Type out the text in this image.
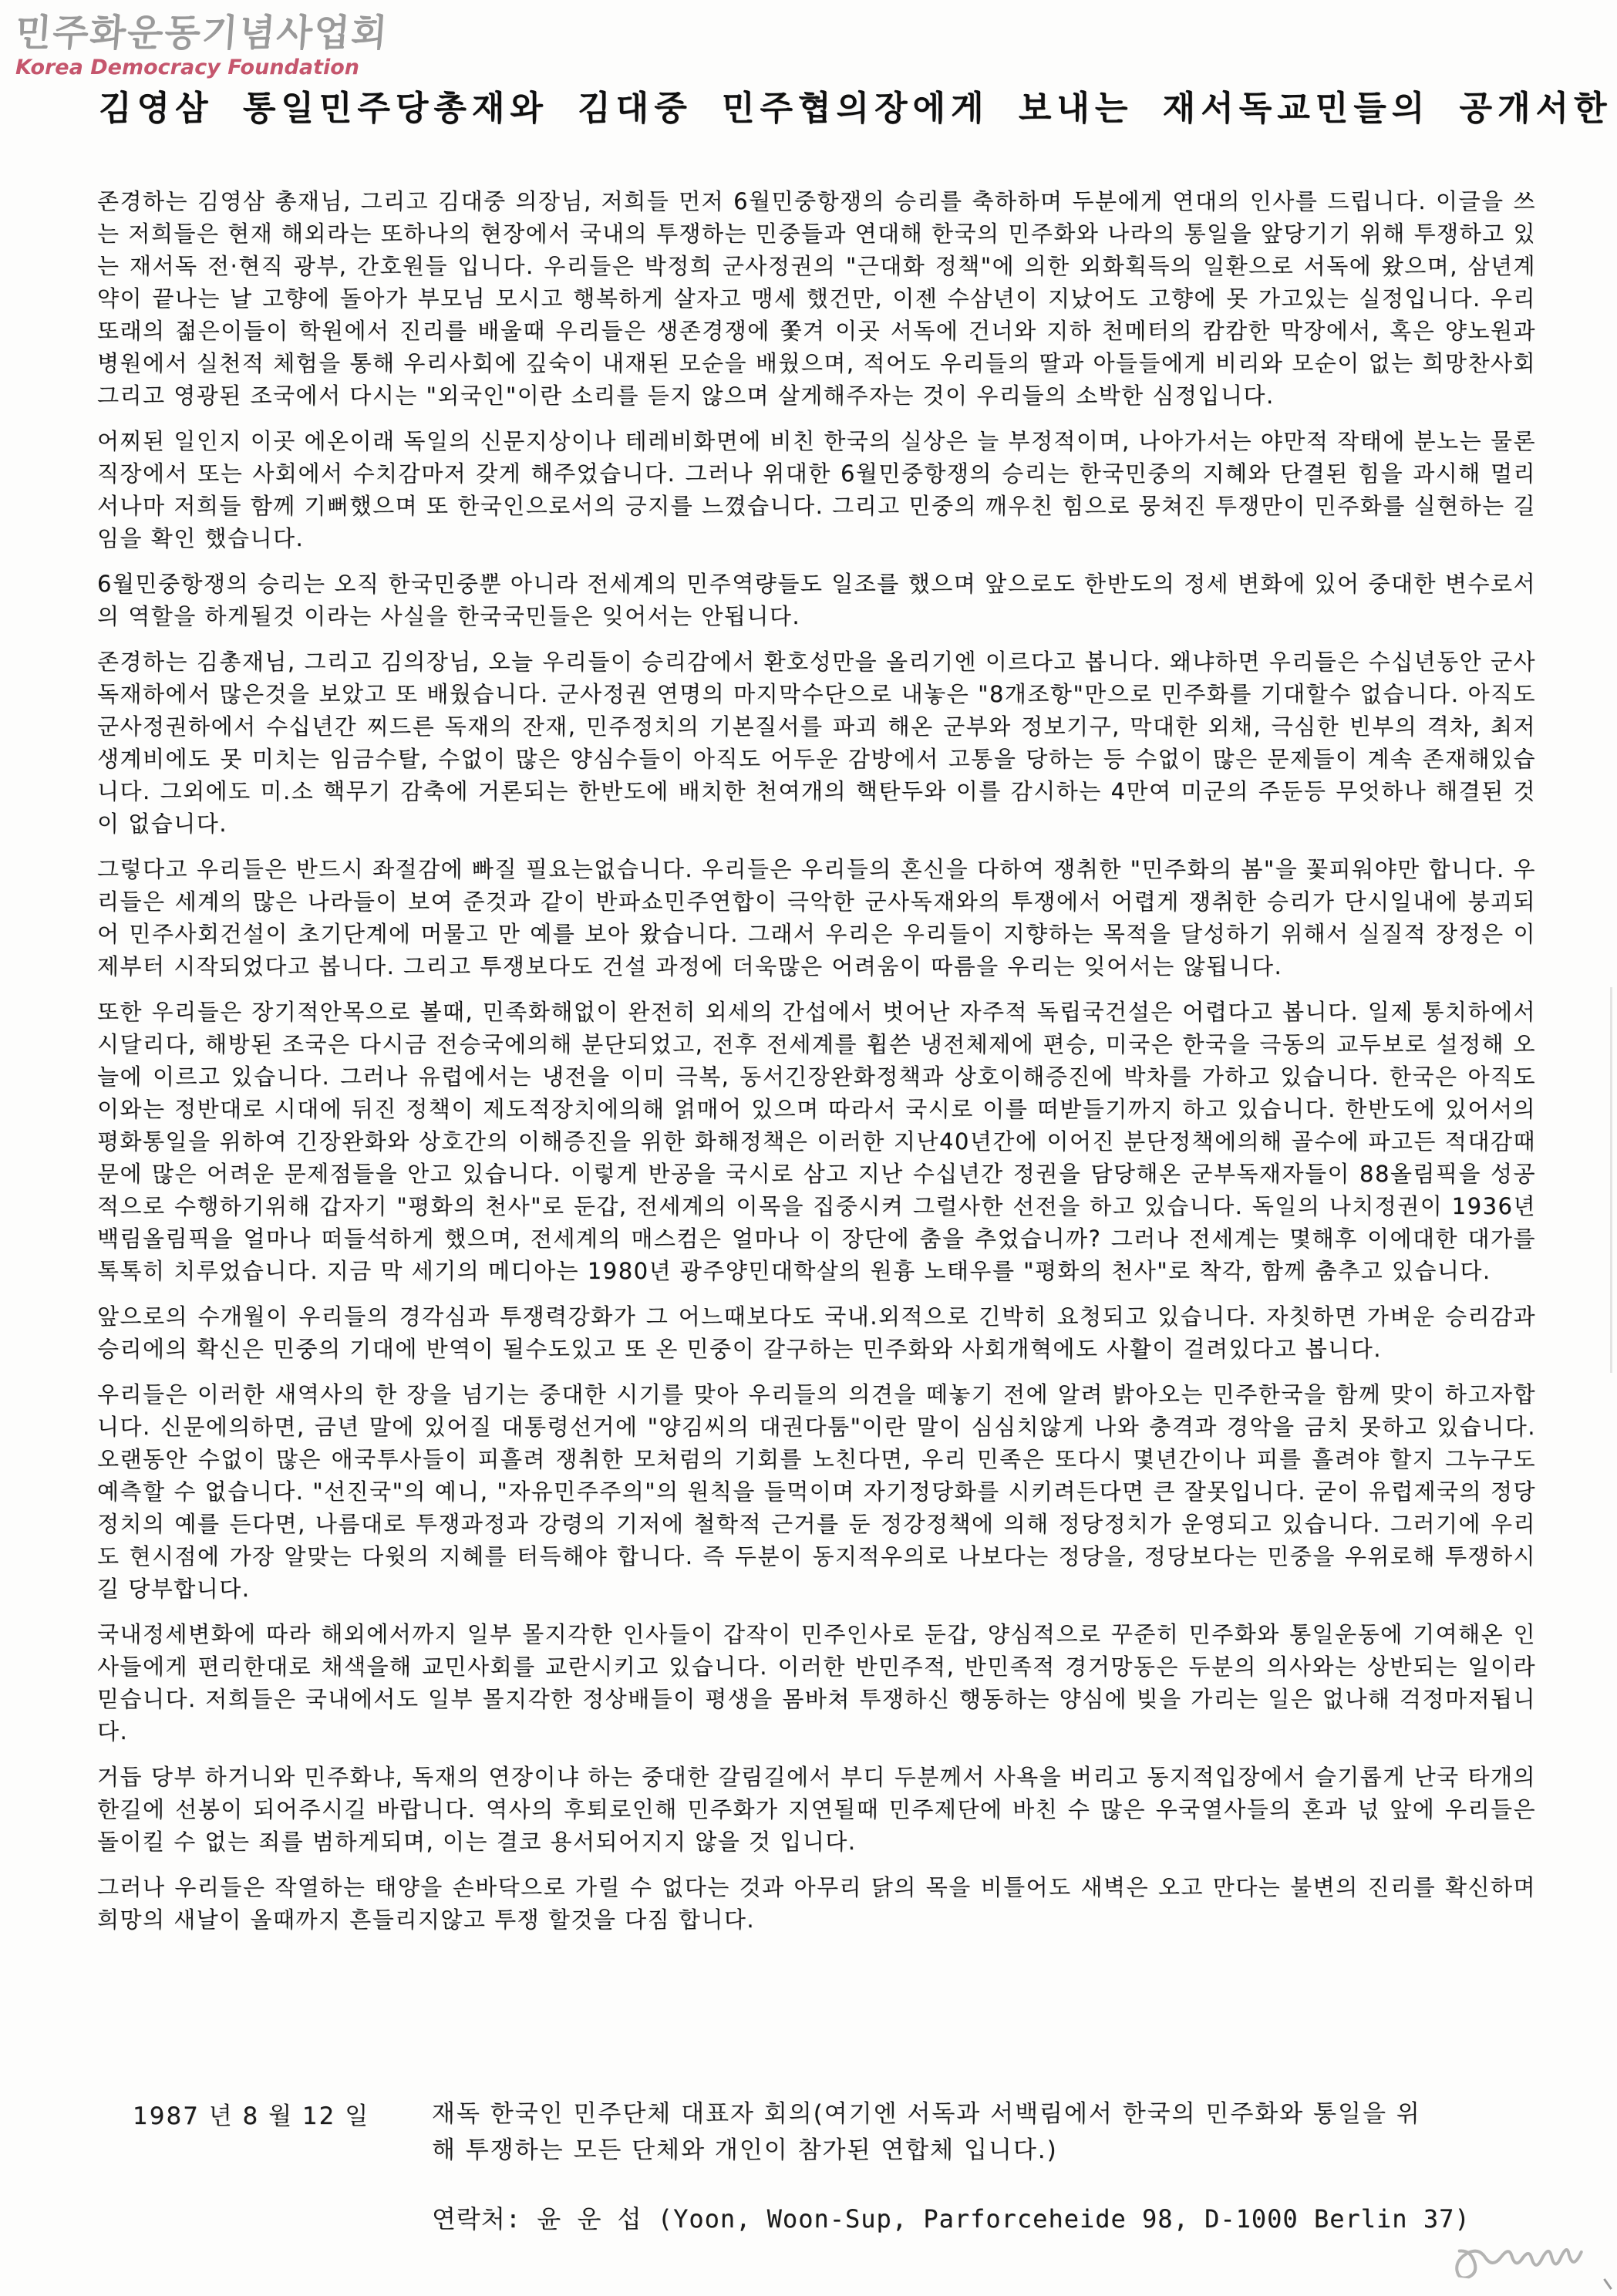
민주화운동기념사업회
Korea Democracy Foundation
김영삼 통일민주당총재와 김대중 민주협의장에게 보내는 재서독교민들의 공개서한

존경하는 김영삼 총재님, 그리고 김대중 의장님, 저희들 먼저 6월민중항쟁의 승리를 축하하며 두분에게 연대의 인사를 드립니다. 이글을 쓰는 저희들은 현재 해외라는 또하나의 현장에서 국내의 투쟁하는 민중들과 연대해 한국의 민주화와 나라의 통일을 앞당기기 위해 투쟁하고 있는 재서독 전·현직 광부, 간호원들 입니다. 우리들은 박정희 군사정권의 "근대화 정책"에 의한 외화획득의 일환으로 서독에 왔으며, 삼년계약이 끝나는 날 고향에 돌아가 부모님 모시고 행복하게 살자고 맹세 했건만, 이젠 수삼년이 지났어도 고향에 못 가고있는 실정입니다. 우리 또래의 젊은이들이 학원에서 진리를 배울때 우리들은 생존경쟁에 쫓겨 이곳 서독에 건너와 지하 천메터의 캄캄한 막장에서, 혹은 양노원과 병원에서 실천적 체험을 통해 우리사회에 깊숙이 내재된 모순을 배웠으며, 적어도 우리들의 딸과 아들들에게 비리와 모순이 없는 희망찬사회 그리고 영광된 조국에서 다시는 "외국인"이란 소리를 듣지 않으며 살게해주자는 것이 우리들의 소박한 심정입니다.

어찌된 일인지 이곳 에온이래 독일의 신문지상이나 테레비화면에 비친 한국의 실상은 늘 부정적이며, 나아가서는 야만적 작태에 분노는 물론 직장에서 또는 사회에서 수치감마저 갖게 해주었습니다. 그러나 위대한 6월민중항쟁의 승리는 한국민중의 지혜와 단결된 힘을 과시해 멀리서나마 저희들 함께 기뻐했으며 또 한국인으로서의 긍지를 느꼈습니다. 그리고 민중의 깨우친 힘으로 뭉쳐진 투쟁만이 민주화를 실현하는 길임을 확인 했습니다.

6월민중항쟁의 승리는 오직 한국민중뿐 아니라 전세계의 민주역량들도 일조를 했으며 앞으로도 한반도의 정세 변화에 있어 중대한 변수로서의 역할을 하게될것 이라는 사실을 한국국민들은 잊어서는 안됩니다.

존경하는 김총재님, 그리고 김의장님, 오늘 우리들이 승리감에서 환호성만을 올리기엔 이르다고 봅니다. 왜냐하면 우리들은 수십년동안 군사독재하에서 많은것을 보았고 또 배웠습니다. 군사정권 연명의 마지막수단으로 내놓은 "8개조항"만으로 민주화를 기대할수 없습니다. 아직도 군사정권하에서 수십년간 찌드른 독재의 잔재, 민주정치의 기본질서를 파괴 해온 군부와 정보기구, 막대한 외채, 극심한 빈부의 격차, 최저생계비에도 못 미치는 임금수탈, 수없이 많은 양심수들이 아직도 어두운 감방에서 고통을 당하는 등 수없이 많은 문제들이 계속 존재해있습니다. 그외에도 미.소 핵무기 감축에 거론되는 한반도에 배치한 천여개의 핵탄두와 이를 감시하는 4만여 미군의 주둔등 무엇하나 해결된 것이 없습니다.

그렇다고 우리들은 반드시 좌절감에 빠질 필요는없습니다. 우리들은 우리들의 혼신을 다하여 쟁취한 "민주화의 봄"을 꽃피워야만 합니다. 우리들은 세계의 많은 나라들이 보여 준것과 같이 반파쇼민주연합이 극악한 군사독재와의 투쟁에서 어렵게 쟁취한 승리가 단시일내에 붕괴되어 민주사회건설이 초기단계에 머물고 만 예를 보아 왔습니다. 그래서 우리은 우리들이 지향하는 목적을 달성하기 위해서 실질적 장정은 이제부터 시작되었다고 봅니다. 그리고 투쟁보다도 건설 과정에 더욱많은 어려움이 따름을 우리는 잊어서는 않됩니다.

또한 우리들은 장기적안목으로 볼때, 민족화해없이 완전히 외세의 간섭에서 벗어난 자주적 독립국건설은 어렵다고 봅니다. 일제 통치하에서 시달리다, 해방된 조국은 다시금 전승국에의해 분단되었고, 전후 전세계를 휩쓴 냉전체제에 편승, 미국은 한국을 극동의 교두보로 설정해 오늘에 이르고 있습니다. 그러나 유럽에서는 냉전을 이미 극복, 동서긴장완화정책과 상호이해증진에 박차를 가하고 있습니다. 한국은 아직도 이와는 정반대로 시대에 뒤진 정책이 제도적장치에의해 얽매어 있으며 따라서 국시로 이를 떠받들기까지 하고 있습니다. 한반도에 있어서의 평화통일을 위하여 긴장완화와 상호간의 이해증진을 위한 화해정책은 이러한 지난40년간에 이어진 분단정책에의해 골수에 파고든 적대감때문에 많은 어려운 문제점들을 안고 있습니다. 이렇게 반공을 국시로 삼고 지난 수십년간 정권을 담당해온 군부독재자들이 88올림픽을 성공적으로 수행하기위해 갑자기 "평화의 천사"로 둔갑, 전세계의 이목을 집중시켜 그럴사한 선전을 하고 있습니다. 독일의 나치정권이 1936년 백림올림픽을 얼마나 떠들석하게 했으며, 전세계의 매스컴은 얼마나 이 장단에 춤을 추었습니까? 그러나 전세계는 몇해후 이에대한 대가를 톡톡히 치루었습니다. 지금 막 세기의 메디아는 1980년 광주양민대학살의 원흉 노태우를 "평화의 천사"로 착각, 함께 춤추고 있습니다.

앞으로의 수개월이 우리들의 경각심과 투쟁력강화가 그 어느때보다도 국내.외적으로 긴박히 요청되고 있습니다. 자칫하면 가벼운 승리감과 승리에의 확신은 민중의 기대에 반역이 될수도있고 또 온 민중이 갈구하는 민주화와 사회개혁에도 사활이 걸려있다고 봅니다.

우리들은 이러한 새역사의 한 장을 넘기는 중대한 시기를 맞아 우리들의 의견을 떼놓기 전에 알려 밝아오는 민주한국을 함께 맞이 하고자합니다. 신문에의하면, 금년 말에 있어질 대통령선거에 "양김씨의 대권다툼"이란 말이 심심치않게 나와 충격과 경악을 금치 못하고 있습니다. 오랜동안 수없이 많은 애국투사들이 피흘려 쟁취한 모처럼의 기회를 노친다면, 우리 민족은 또다시 몇년간이나 피를 흘려야 할지 그누구도 예측할 수 없습니다. "선진국"의 예니, "자유민주주의"의 원칙을 들먹이며 자기정당화를 시키려든다면 큰 잘못입니다. 굳이 유럽제국의 정당정치의 예를 든다면, 나름대로 투쟁과정과 강령의 기저에 철학적 근거를 둔 정강정책에 의해 정당정치가 운영되고 있습니다. 그러기에 우리도 현시점에 가장 알맞는 다윗의 지혜를 터득해야 합니다. 즉 두분이 동지적우의로 나보다는 정당을, 정당보다는 민중을 우위로해 투쟁하시길 당부합니다.

국내정세변화에 따라 해외에서까지 일부 몰지각한 인사들이 갑작이 민주인사로 둔갑, 양심적으로 꾸준히 민주화와 통일운동에 기여해온 인사들에게 편리한대로 채색을해 교민사회를 교란시키고 있습니다. 이러한 반민주적, 반민족적 경거망동은 두분의 의사와는 상반되는 일이라 믿습니다. 저희들은 국내에서도 일부 몰지각한 정상배들이 평생을 몸바쳐 투쟁하신 행동하는 양심에 빚을 가리는 일은 없나해 걱정마저됩니다.

거듭 당부 하거니와 민주화냐, 독재의 연장이냐 하는 중대한 갈림길에서 부디 두분께서 사욕을 버리고 동지적입장에서 슬기롭게 난국 타개의 한길에 선봉이 되어주시길 바랍니다. 역사의 후퇴로인해 민주화가 지연될때 민주제단에 바친 수 많은 우국열사들의 혼과 넋 앞에 우리들은 돌이킬 수 없는 죄를 범하게되며, 이는 결코 용서되어지지 않을 것 입니다.

그러나 우리들은 작열하는 태양을 손바닥으로 가릴 수 없다는 것과 아무리 닭의 목을 비틀어도 새벽은 오고 만다는 불변의 진리를 확신하며 희망의 새날이 올때까지 흔들리지않고 투쟁 할것을 다짐 합니다.

1987 년 8 월 12 일	재독 한국인 민주단체 대표자 회의(여기엔 서독과 서백림에서 한국의 민주화와 통일을 위해 투쟁하는 모든 단체와 개인이 참가된 연합체 입니다.)
연락처: 윤 운 섭 (Yoon, Woon-Sup, Parforceheide 98, D-1000 Berlin 37)
